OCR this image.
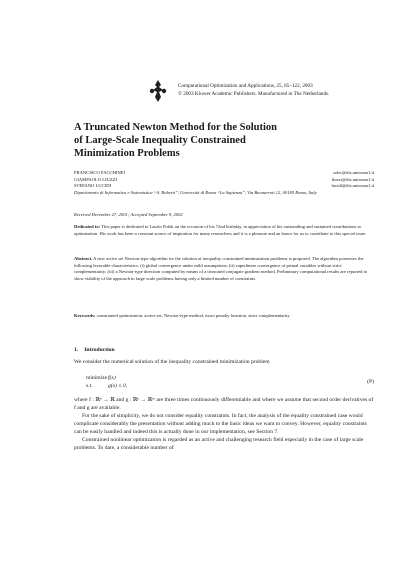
Computational Optimization and Applications, 25, 85–122, 2003
© 2003 Kluwer Academic Publishers. Manufactured in The Netherlands.
A Truncated Newton Method for the Solution
of Large-Scale Inequality Constrained
Minimization Problems
FRANCISCO FACCHINEI	soler@dis.uniroma1.it
GIAMPAOLO LIUZZI	liuzzi@dis.uniroma1.it
STEFANO LUCIDI	lucidi@dis.uniroma1.it
Dipartimento di Informatica e Sistemistica “A. Ruberti”, Università di Roma “La Sapienza”, Via Buonarroti 12, 00185 Roma, Italy
Received December 27, 2001; Accepted September 9, 2002
Dedicated to: This paper is dedicated to Laszlo Polak on the occasion of his 72nd birthday, in appreciation of his outstanding and sustained contributions to optimization. His work has been a constant source of inspiration for many researchers and it is a pleasure and an honor for us to contribute to this special issue.
Abstract. A new active set Newton-type algorithm for the solution of inequality constrained minimization problems is proposed. The algorithm possesses the following favorable characteristics: (i) global convergence under mild assumptions; (ii) superlinear convergence of primal variables without strict complementarity; (iii) a Newton-type direction computed by means of a truncated conjugate gradient method. Preliminary computational results are reported to show viability of the approach in large scale problems having only a limited number of constraints.
Keywords: constrained optimization, active set, Newton-type method, exact penalty function, strict complementarity
1. Introduction
We consider the numerical solution of the inequality constrained minimization problem
minimize f(x)
s.t.	g(x) ≤ 0,
(P)

where f : ℝⁿ → ℝ and g : ℝⁿ → ℝᵐ are three times continuously differentiable and where we assume that second order derivatives of f and g are available.

For the sake of simplicity, we do not consider equality constraints. In fact, the analysis of the equality constrained case would complicate considerably the presentation without adding much to the basic ideas we want to convey. However, equality constraints can be easily handled and indeed this is actually done in our implementation, see Section 7.

Constrained nonlinear optimization is regarded as an active and challenging research field especially in the case of large scale problems. To date, a considerable number of
